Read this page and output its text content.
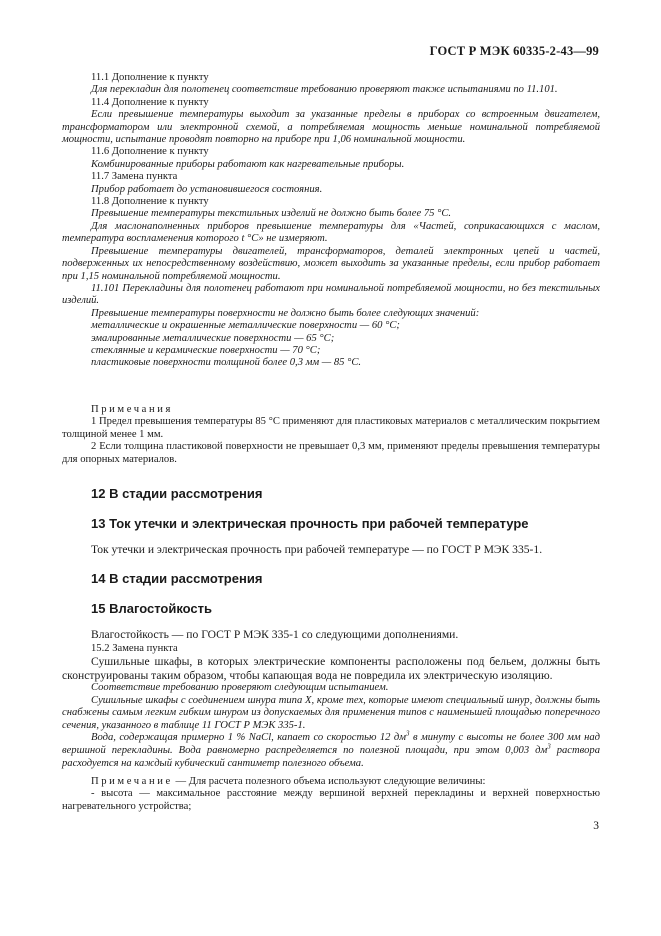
ГОСТ Р МЭК 60335-2-43—99

11.1 Дополнение к пункту

Для перекладин для полотенец соответствие требованию проверяют также испытаниями по 11.101.

11.4 Дополнение к пункту

Если превышение температуры выходит за указанные пределы в приборах со встроенным двигателем, трансформатором или электронной схемой, а потребляемая мощность меньше номинальной потребляемой мощности, испытание проводят повторно на приборе при 1,06 номинальной мощности.

11.6 Дополнение к пункту

Комбинированные приборы работают как нагревательные приборы.

11.7 Замена пункта

Прибор работает до установившегося состояния.

11.8 Дополнение к пункту

Превышение температуры текстильных изделий не должно быть более 75 °С.

Для маслонаполненных приборов превышение температуры для «Частей, соприкасающихся с маслом, температура воспламенения которого t °С» не измеряют.

Превышение температуры двигателей, трансформаторов, деталей электронных цепей и частей, подверженных их непосредственному воздействию, может выходить за указанные пределы, если прибор работает при 1,15 номинальной потребляемой мощности.

11.101 Перекладины для полотенец работают при номинальной потребляемой мощности, но без текстильных изделий.

Превышение температуры поверхности не должно быть более следующих значений:

металлические и окрашенные металлические поверхности — 60 °С;

эмалированные металлические поверхности — 65 °С;

стеклянные и керамические поверхности — 70 °С;

пластиковые поверхности толщиной более 0,3 мм — 85 °С.

Примечания

1 Предел превышения температуры 85 °С применяют для пластиковых материалов с металлическим покрытием толщиной менее 1 мм.

2 Если толщина пластиковой поверхности не превышает 0,3 мм, применяют пределы превышения температуры для опорных материалов.

12 В стадии рассмотрения
13 Ток утечки и электрическая прочность при рабочей температуре
Ток утечки и электрическая прочность при рабочей температуре — по ГОСТ Р МЭК 335-1.
14 В стадии рассмотрения
15 Влагостойкость

Влагостойкость — по ГОСТ Р МЭК 335-1 со следующими дополнениями.

15.2 Замена пункта

Сушильные шкафы, в которых электрические компоненты расположены под бельем, должны быть сконструированы таким образом, чтобы капающая вода не повредила их электрическую изоляцию.

Соответствие требованию проверяют следующим испытанием.

Сушильные шкафы с соединением шнура типа X, кроме тех, которые имеют специальный шнур, должны быть снабжены самым легким гибким шнуром из допускаемых для применения типов с наименьшей площадью поперечного сечения, указанного в таблице 11 ГОСТ Р МЭК 335-1.

Вода, содержащая примерно 1 % NaCl, капает со скоростью 12 $дм^3$ в минуту с высоты не более 300 мм над вершиной перекладины. Вода равномерно распределяется по полезной площади, при этом 0,003 $дм^3$ раствора расходуется на каждый кубический сантиметр полезного объема.

Примечание — Для расчета полезного объема используют следующие величины:

- высота — максимальное расстояние между вершиной верхней перекладины и верхней поверхностью нагревательного устройства;

3
